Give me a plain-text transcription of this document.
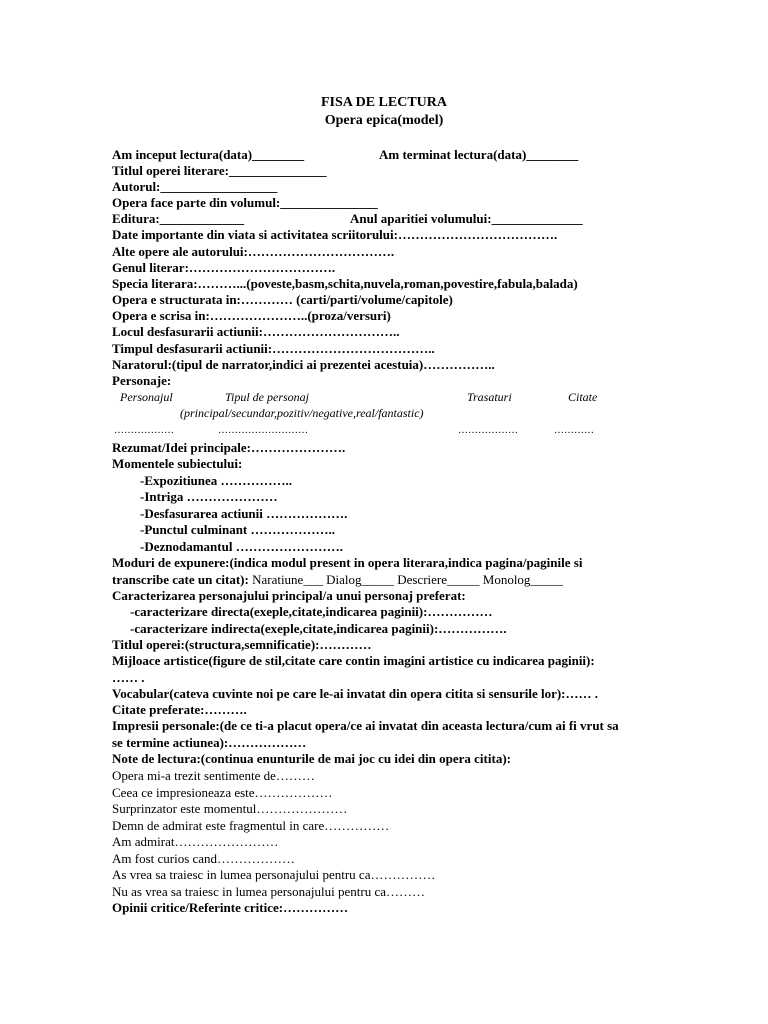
FISA DE LECTURA
Opera epica(model)
Am inceput lectura(data)________	Am terminat lectura(data)________
Titlul operei literare:_______________
Autorul:__________________
Opera face parte din volumul:_______________
Editura:_____________	Anul aparitiei volumului:______________
Date importante din viata si activitatea scriitorului:……………………………….
Alte opere ale autorului:…………………………….
Genul literar:…………………………….
Specia literara:………...(poveste,basm,schita,nuvela,roman,povestire,fabula,balada)
Opera e structurata in:………… (carti/parti/volume/capitole)
Opera e scrisa in:…………………..(proza/versuri)
Locul desfasurarii actiunii:…………………………..
Timpul desfasurarii actiunii:………………………………..
Naratorul:(tipul de narrator,indici ai prezentei acestuia)……………..
Personaje:
Personajul	Tipul de personaj	Trasaturi	Citate
(principal/secundar,pozitiv/negative,real/fantastic)
………………	………………………	………………	…………
Rezumat/Idei principale:………………….
Momentele subiectului:
-Expozitiunea ……………..
-Intriga …………………
-Desfasurarea actiunii ……………….
-Punctul culminant ………………..
-Deznodamantul …………………….
Moduri de expunere:(indica modul present in opera literara,indica pagina/paginile si
transcribe cate un citat): Naratiune___ Dialog_____ Descriere_____ Monolog_____
Caracterizarea personajului principal/a unui personaj preferat:
-caracterizare directa(exeple,citate,indicarea paginii):……………
-caracterizare indirecta(exeple,citate,indicarea paginii):…………….
Titlul operei:(structura,semnificatie):…………
Mijloace artistice(figure de stil,citate care contin imagini artistice cu indicarea paginii):
…… .
Vocabular(cateva cuvinte noi pe care le-ai invatat din opera citita si sensurile lor):…… .
Citate preferate:……….
Impresii personale:(de ce ti-a placut opera/ce ai invatat din aceasta lectura/cum ai fi vrut sa
se termine actiunea):………………
Note de lectura:(continua enunturile de mai joc cu idei din opera citita):
Opera mi-a trezit sentimente de………
Ceea ce impresioneaza este………………
Surprinzator este momentul…………………
Demn de admirat este fragmentul in care……………
Am admirat……………………
Am fost curios cand………………
As vrea sa traiesc in lumea personajului pentru ca……………
Nu as vrea sa traiesc in lumea personajului pentru ca………
Opinii critice/Referinte critice:……………
